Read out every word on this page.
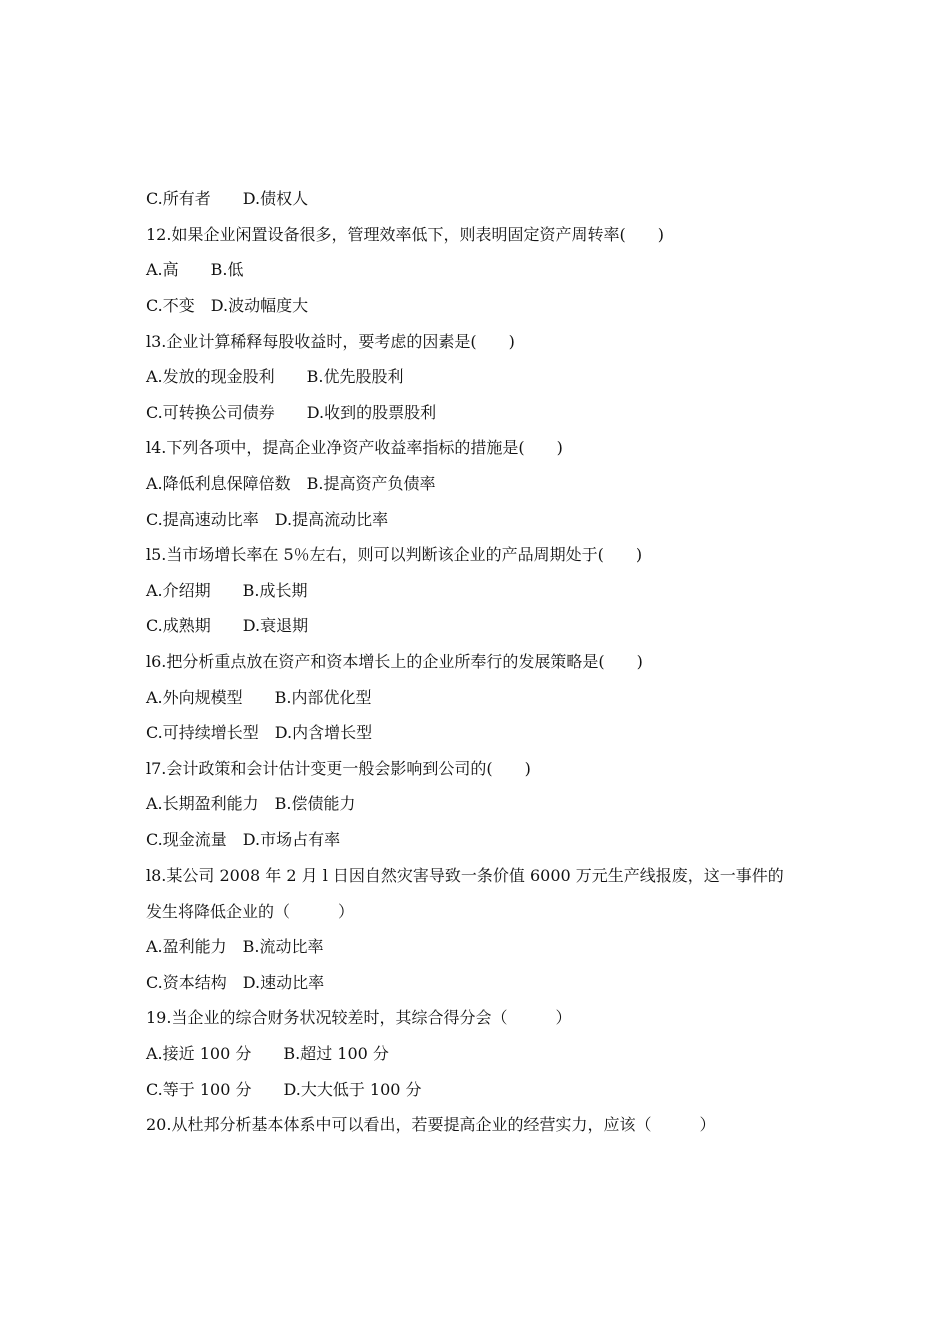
C.所有者　　D.债权人
12.如果企业闲置设备很多，管理效率低下，则表明固定资产周转率(　　)
A.高　　B.低
C.不变　D.波动幅度大
l3.企业计算稀释每股收益时，要考虑的因素是(　　)
A.发放的现金股利　　B.优先股股利
C.可转换公司债券　　D.收到的股票股利
l4.下列各项中，提高企业净资产收益率指标的措施是(　　)
A.降低利息保障倍数　B.提高资产负债率
C.提高速动比率　D.提高流动比率
l5.当市场增长率在 5％左右，则可以判断该企业的产品周期处于(　　)
A.介绍期　　B.成长期
C.成熟期　　D.衰退期
l6.把分析重点放在资产和资本增长上的企业所奉行的发展策略是(　　)
A.外向规模型　　B.内部优化型
C.可持续增长型　D.内含增长型
l7.会计政策和会计估计变更一般会影响到公司的(　　)
A.长期盈利能力　B.偿债能力
C.现金流量　D.市场占有率
l8.某公司 2008 年 2 月 l 日因自然灾害导致一条价值 6000 万元生产线报废，这一事件的
发生将降低企业的（　　　）
A.盈利能力　B.流动比率
C.资本结构　D.速动比率
19.当企业的综合财务状况较差时，其综合得分会（　　　）
A.接近 100 分　　B.超过 100 分
C.等于 100 分　　D.大大低于 100 分
20.从杜邦分析基本体系中可以看出，若要提高企业的经营实力，应该（　　　）
